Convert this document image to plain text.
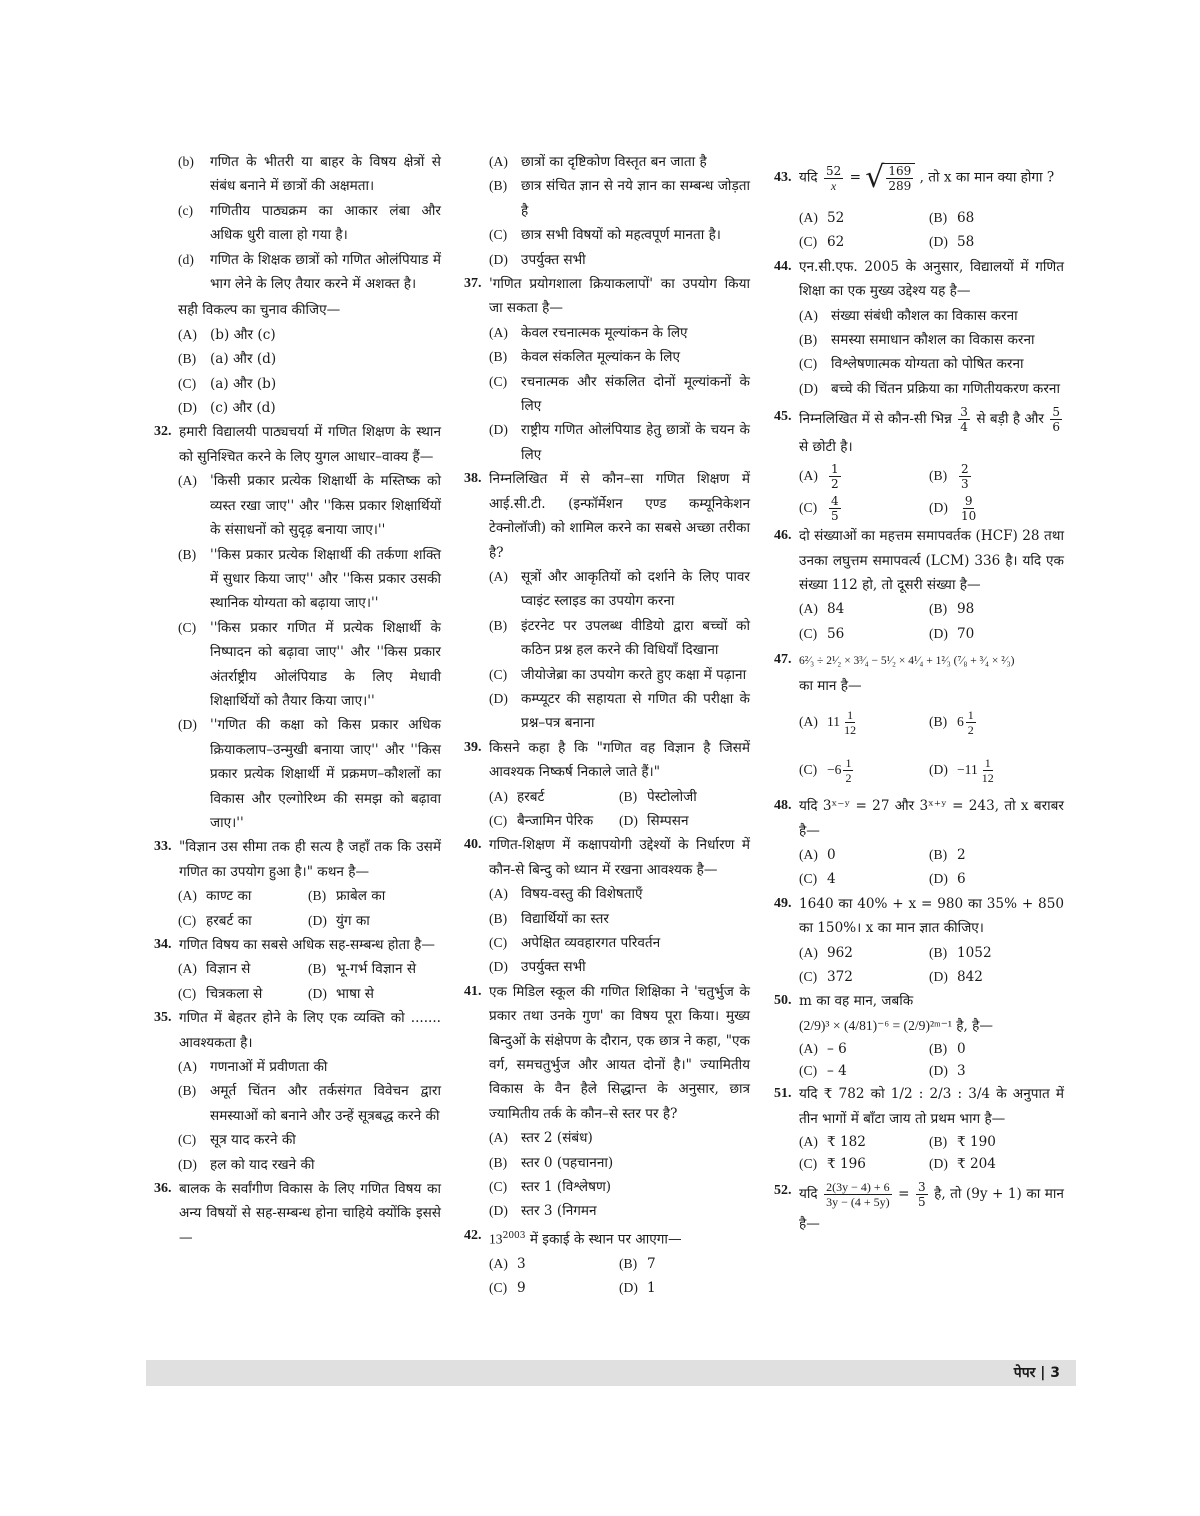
(b)	गणित के भीतरी या बाहर के विषय क्षेत्रों से संबंध बनाने में छात्रों की अक्षमता।
(c)	गणितीय पाठ्यक्रम का आकार लंबा और अधिक धुरी वाला हो गया है।
(d)	गणित के शिक्षक छात्रों को गणित ओलंपियाड में भाग लेने के लिए तैयार करने में अशक्त है।
सही विकल्प का चुनाव कीजिए—
(A) (b) और (c)
(B)	(a) और (d)
(C)	(a) और (b)
(D) (c) और (d)
32. हमारी विद्यालयी पाठ्यचर्या में गणित शिक्षण के स्थान को सुनिश्चित करने के लिए युगल आधार–वाक्य हैं—
(A) 'किसी प्रकार प्रत्येक शिक्षार्थी के मस्तिष्क को व्यस्त रखा जाए'' और ''किस प्रकार शिक्षार्थियों के संसाधनों को सुदृढ़ बनाया जाए।''
(B)	''किस प्रकार प्रत्येक शिक्षार्थी की तर्कणा शक्ति में सुधार किया जाए'' और ''किस प्रकार उसकी स्थानिक योग्यता को बढ़ाया जाए।''
(C)	''किस प्रकार गणित में प्रत्येक शिक्षार्थी के निष्पादन को बढ़ावा जाए'' और ''किस प्रकार अंतर्राष्ट्रीय ओलंपियाड के लिए मेधावी शिक्षार्थियों को तैयार किया जाए।''
(D) ''गणित की कक्षा को किस प्रकार अधिक क्रियाकलाप–उन्मुखी बनाया जाए'' और ''किस प्रकार प्रत्येक शिक्षार्थी में प्रक्रमण–कौशलों का विकास और एल्गोरिथ्म की समझ को बढ़ावा जाए।''
33. "विज्ञान उस सीमा तक ही सत्य है जहाँ तक कि उसमें गणित का उपयोग हुआ है।" कथन है—
(A) काण्ट का	(B) फ्राबेल का
(C) हरबर्ट का	(D) युंग का
34. गणित विषय का सबसे अधिक सह-सम्बन्ध होता है—
(A) विज्ञान से	(B) भू-गर्भ विज्ञान से
(C) चित्रकला से	(D) भाषा से
35. गणित में बेहतर होने के लिए एक व्यक्ति को ....... आवश्यकता है।
(A) गणनाओं में प्रवीणता की
(B)	अमूर्त चिंतन और तर्कसंगत विवेचन द्वारा समस्याओं को बनाने और उन्हें सूत्रबद्ध करने की
(C)	सूत्र याद करने की
(D) हल को याद रखने की
36. बालक के सर्वांगीण विकास के लिए गणित विषय का अन्य विषयों से सह-सम्बन्ध होना चाहिये क्योंकि इससे—
(A) छात्रों का दृष्टिकोण विस्तृत बन जाता है
(B)	छात्र संचित ज्ञान से नये ज्ञान का सम्बन्ध जोड़ता है
(C)	छात्र सभी विषयों को महत्वपूर्ण मानता है।
(D) उपर्युक्त सभी
37. 'गणित प्रयोगशाला क्रियाकलापों' का उपयोग किया जा सकता है—
(A) केवल रचनात्मक मूल्यांकन के लिए
(B)	केवल संकलित मूल्यांकन के लिए
(C)	रचनात्मक और संकलित दोनों मूल्यांकनों के लिए
(D) राष्ट्रीय गणित ओलंपियाड हेतु छात्रों के चयन के लिए
38. निम्नलिखित में से कौन–सा गणित शिक्षण में आई.सी.टी. (इन्फॉर्मेशन एण्ड कम्यूनिकेशन टेक्नोलॉजी) को शामिल करने का सबसे अच्छा तरीका है?
(A) सूत्रों और आकृतियों को दर्शाने के लिए पावर प्वाइंट स्लाइड का उपयोग करना
(B)	इंटरनेट पर उपलब्ध वीडियो द्वारा बच्चों को कठिन प्रश्न हल करने की विधियाँ दिखाना
(C)	जीयोजेब्रा का उपयोग करते हुए कक्षा में पढ़ाना
(D) कम्प्यूटर की सहायता से गणित की परीक्षा के प्रश्न–पत्र बनाना
39. किसने कहा है कि "गणित वह विज्ञान है जिसमें आवश्यक निष्कर्ष निकाले जाते हैं।"
(A) हरबर्ट	(B) पेस्टोलोजी
(C) बैन्जामिन पेरिक	(D) सिम्पसन
40. गणित-शिक्षण में कक्षापयोगी उद्देश्यों के निर्धारण में कौन-से बिन्दु को ध्यान में रखना आवश्यक है—
(A) विषय-वस्तु की विशेषताएँ
(B)	विद्यार्थियों का स्तर
(C)	अपेक्षित व्यवहारगत परिवर्तन
(D) उपर्युक्त सभी
41. एक मिडिल स्कूल की गणित शिक्षिका ने 'चतुर्भुज के प्रकार तथा उनके गुण' का विषय पूरा किया। मुख्य बिन्दुओं के संक्षेपण के दौरान, एक छात्र ने कहा, "एक वर्ग, समचतुर्भुज और आयत दोनों है।" ज्यामितीय विकास के वैन हैले सिद्धान्त के अनुसार, छात्र ज्यामितीय तर्क के कौन–से स्तर पर है?
(A) स्तर 2 (संबंध)
(B)	स्तर 0 (पहचानना)
(C)	स्तर 1 (विश्लेषण)
(D) स्तर 3 (निगमन
42. $13^{2003}$ में इकाई के स्थान पर आएगा—
(A) 3	(B) 7
(C) 9	(D) 1
43. यदि $\frac{52}{x}$ = √ $\frac{169}{289}$ , तो x का मान क्या होगा ?
(A) 52	(B) 68
(C) 62	(D) 58
44. एन.सी.एफ. 2005 के अनुसार, विद्यालयों में गणित शिक्षा का एक मुख्य उद्देश्य यह है—
(A) संख्या संबंधी कौशल का विकास करना
(B)	समस्या समाधान कौशल का विकास करना
(C)	विश्लेषणात्मक योग्यता को पोषित करना
(D) बच्चे की चिंतन प्रक्रिया का गणितीयकरण करना
45. निम्नलिखित में से कौन-सी भिन्न $\frac{3}{4}$ से बड़ी है और $\frac{5}{6}$
से छोटी है।
$(A) \frac{1}{2}$	$(B) \frac{2}{3}$
$(C) \frac{4}{5}$	$(D) \frac{9}{10}$
46. दो संख्याओं का महत्तम समापवर्तक (HCF) 28 तथा उनका लघुत्तम समापवर्त्य (LCM) 336 है। यदि एक संख्या 112 हो, तो दूसरी संख्या है—
(A) 84	(B) 98
(C) 56	(D) 70
47. 6²⁄₃ ÷ 2¹⁄₂ × 3³⁄₄ − 5¹⁄₂ × 4¹⁄₄ + 1²⁄₃ (⁷⁄₈ + ³⁄₄ × ²⁄₃)
का मान है—
(A) $11 \frac{1}{12}$	(B) $6 \frac{1}{2}$
$(C) -6 \frac{1}{2}$	$(D) -11 \frac{1}{12}$
48. यदि 3ˣ⁻ʸ = 27 और 3ˣ⁺ʸ = 243, तो x बराबर है—
(A) 0	(B) 2
(C) 4	(D) 6
49. 1640 का 40% + x = 980 का 35% + 850 का 150%। x का मान ज्ञात कीजिए।
(A) 962	(B) 1052
(C) 372	(D) 842
50. m का वह मान, जबकि
(2/9)³ × (4/81)⁻⁶ = (2/9)²ᵐ⁻¹ है, है—
(A) – 6	(B) 0
(C) – 4	(D) 3
51. यदि ₹ 782 को 1/2 : 2/3 : 3/4 के अनुपात में तीन भागों में बाँटा जाय तो प्रथम भाग है—
(A) ₹ 182	(B) ₹ 190
(C) ₹ 196	(D) ₹ 204
52. यदि $\frac{2(3y - 4) + 6}{3y - (4 + 5y)} = \frac{3}{5}$ है, तो (9y + 1) का मान है—
पेपर | 3
